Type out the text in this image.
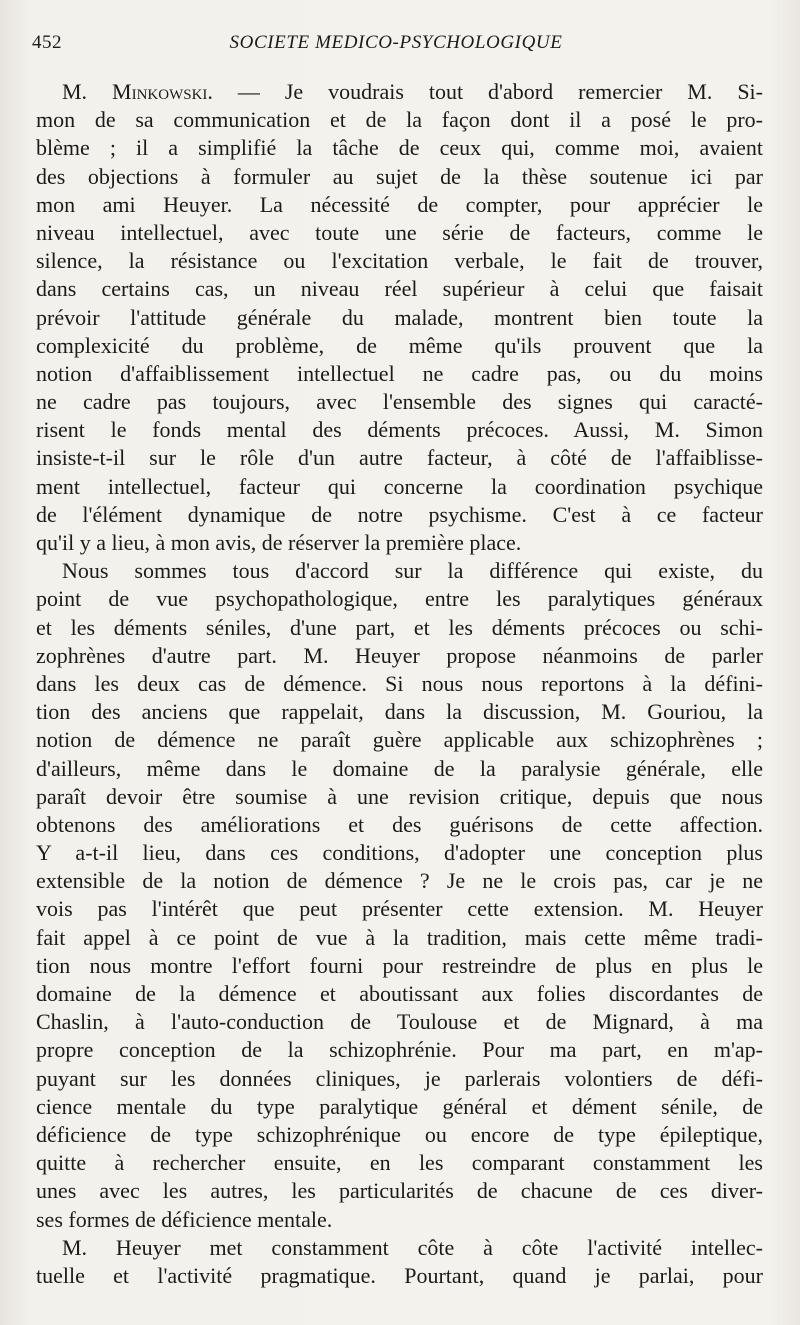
452	SOCIETE MEDICO-PSYCHOLOGIQUE
M. Minkowski. — Je voudrais tout d'abord remercier M. Si-
mon de sa communication et de la façon dont il a posé le pro-
blème ; il a simplifié la tâche de ceux qui, comme moi, avaient
des objections à formuler au sujet de la thèse soutenue ici par
mon ami Heuyer. La nécessité de compter, pour apprécier le
niveau intellectuel, avec toute une série de facteurs, comme le
silence, la résistance ou l'excitation verbale, le fait de trouver,
dans certains cas, un niveau réel supérieur à celui que faisait
prévoir l'attitude générale du malade, montrent bien toute la
complexicité du problème, de même qu'ils prouvent que la
notion d'affaiblissement intellectuel ne cadre pas, ou du moins
ne cadre pas toujours, avec l'ensemble des signes qui caracté-
risent le fonds mental des déments précoces. Aussi, M. Simon
insiste-t-il sur le rôle d'un autre facteur, à côté de l'affaiblisse-
ment intellectuel, facteur qui concerne la coordination psychique
de l'élément dynamique de notre psychisme. C'est à ce facteur
qu'il y a lieu, à mon avis, de réserver la première place.
Nous sommes tous d'accord sur la différence qui existe, du
point de vue psychopathologique, entre les paralytiques généraux
et les déments séniles, d'une part, et les déments précoces ou schi-
zophrènes d'autre part. M. Heuyer propose néanmoins de parler
dans les deux cas de démence. Si nous nous reportons à la défini-
tion des anciens que rappelait, dans la discussion, M. Gouriou, la
notion de démence ne paraît guère applicable aux schizophrènes ;
d'ailleurs, même dans le domaine de la paralysie générale, elle
paraît devoir être soumise à une revision critique, depuis que nous
obtenons des améliorations et des guérisons de cette affection.
Y a-t-il lieu, dans ces conditions, d'adopter une conception plus
extensible de la notion de démence ? Je ne le crois pas, car je ne
vois pas l'intérêt que peut présenter cette extension. M. Heuyer
fait appel à ce point de vue à la tradition, mais cette même tradi-
tion nous montre l'effort fourni pour restreindre de plus en plus le
domaine de la démence et aboutissant aux folies discordantes de
Chaslin, à l'auto-conduction de Toulouse et de Mignard, à ma
propre conception de la schizophrénie. Pour ma part, en m'ap-
puyant sur les données cliniques, je parlerais volontiers de défi-
cience mentale du type paralytique général et dément sénile, de
déficience de type schizophrénique ou encore de type épileptique,
quitte à rechercher ensuite, en les comparant constamment les
unes avec les autres, les particularités de chacune de ces diver-
ses formes de déficience mentale.
M. Heuyer met constamment côte à côte l'activité intellec-
tuelle et l'activité pragmatique. Pourtant, quand je parlai, pour
